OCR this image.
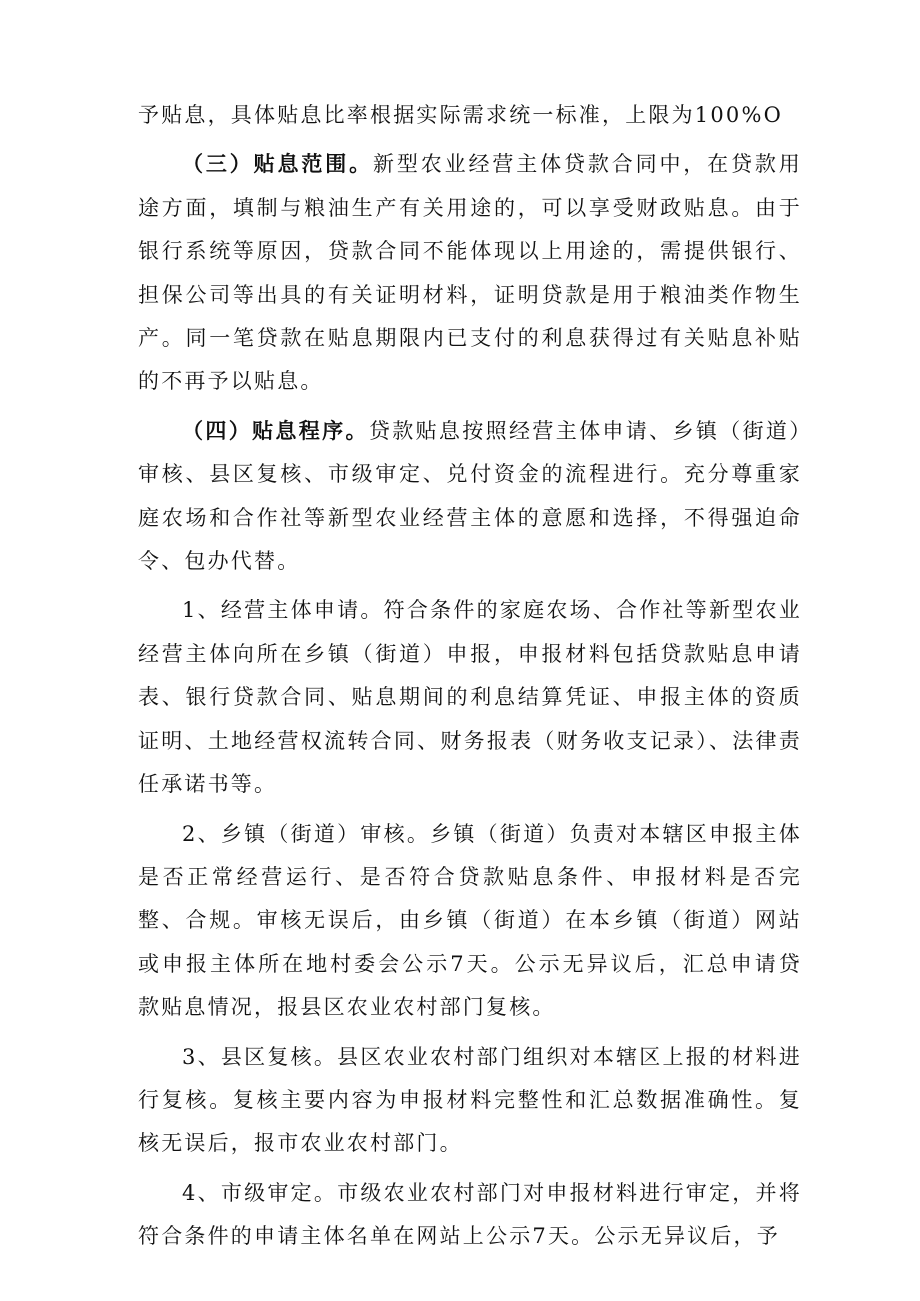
予贴息，具体贴息比率根据实际需求统一标准，上限为100%O

（三）贴息范围。新型农业经营主体贷款合同中，在贷款用途方面，填制与粮油生产有关用途的，可以享受财政贴息。由于银行系统等原因，贷款合同不能体现以上用途的，需提供银行、担保公司等出具的有关证明材料，证明贷款是用于粮油类作物生产。同一笔贷款在贴息期限内已支付的利息获得过有关贴息补贴的不再予以贴息。

（四）贴息程序。贷款贴息按照经营主体申请、乡镇（街道）审核、县区复核、市级审定、兑付资金的流程进行。充分尊重家庭农场和合作社等新型农业经营主体的意愿和选择，不得强迫命令、包办代替。

1、经营主体申请。符合条件的家庭农场、合作社等新型农业经营主体向所在乡镇（街道）申报，申报材料包括贷款贴息申请表、银行贷款合同、贴息期间的利息结算凭证、申报主体的资质证明、土地经营权流转合同、财务报表（财务收支记录）、法律责任承诺书等。

2、乡镇（街道）审核。乡镇（街道）负责对本辖区申报主体是否正常经营运行、是否符合贷款贴息条件、申报材料是否完整、合规。审核无误后，由乡镇（街道）在本乡镇（街道）网站或申报主体所在地村委会公示7天。公示无异议后，汇总申请贷款贴息情况，报县区农业农村部门复核。

3、县区复核。县区农业农村部门组织对本辖区上报的材料进行复核。复核主要内容为申报材料完整性和汇总数据准确性。复核无误后，报市农业农村部门。

4、市级审定。市级农业农村部门对申报材料进行审定，并将符合条件的申请主体名单在网站上公示7天。公示无异议后，予
